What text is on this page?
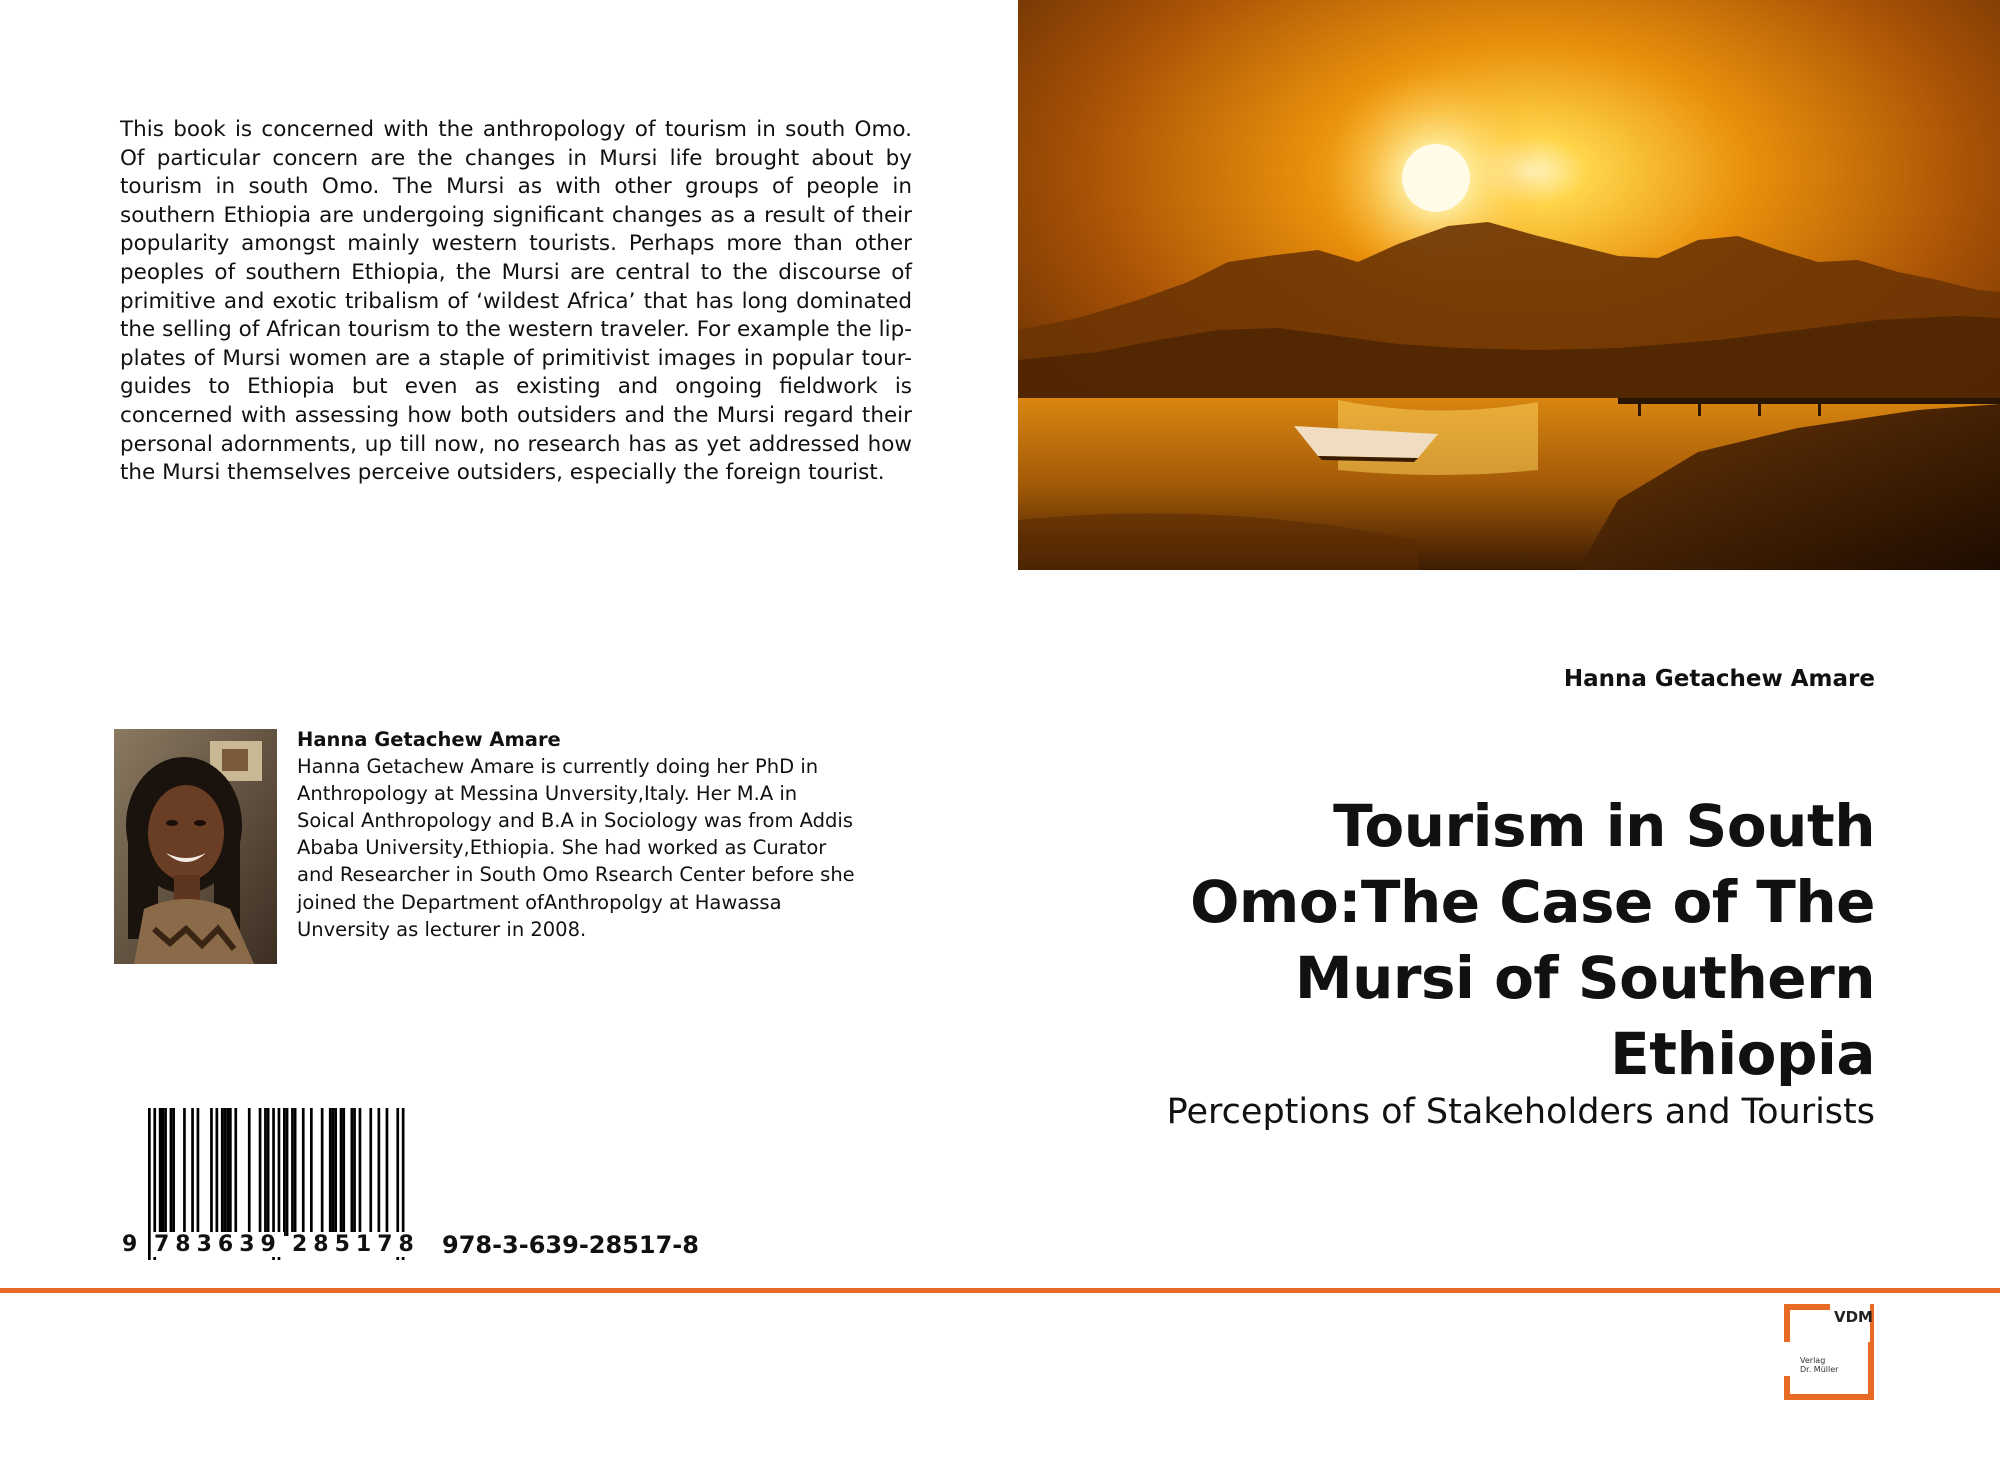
This book is concerned with the anthropology of tourism in south Omo. Of particular concern are the changes in Mursi life brought about by tourism in south Omo. The Mursi as with other groups of people in southern Ethiopia are undergoing significant changes as a result of their popularity amongst mainly western tourists. Perhaps more than other peoples of southern Ethiopia, the Mursi are central to the discourse of primitive and exotic tribalism of ‘wildest Africa’ that has long dominated the selling of African tourism to the western traveler. For example the lip-plates of Mursi women are a staple of primitivist images in popular tour-guides to Ethiopia but even as existing and ongoing fieldwork is concerned with assessing how both outsiders and the Mursi regard their personal adornments, up till now, no research has as yet addressed how the Mursi themselves perceive outsiders, especially the foreign tourist.

Hanna Getachew Amare

Hanna Getachew Amare
Hanna Getachew Amare is currently doing her PhD in Anthropology at Messina Unversity,Italy. Her M.A in Soical Anthropology and B.A in Sociology was from Addis Ababa University,Ethiopia. She had worked as Curator and Researcher in South Omo Rsearch Center before she joined the Department ofAnthropolgy at Hawassa Unversity as lecturer in 2008.

Tourism in South Omo:The Case of The Mursi of Southern Ethiopia

Perceptions of Stakeholders and Tourists

9 783639 285178 978-3-639-28517-8

VDM
Verlag
Dr. Müller
